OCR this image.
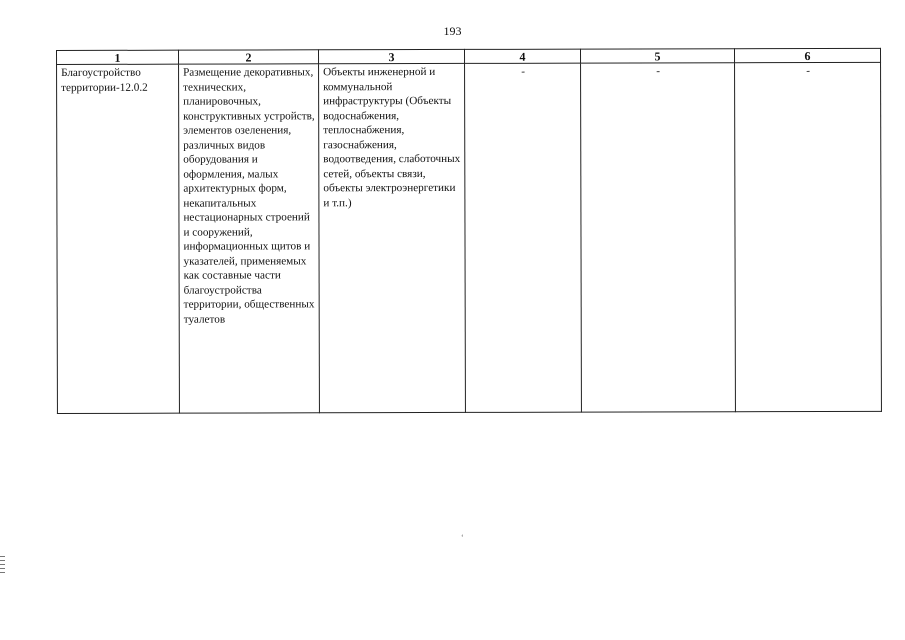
193
1	2	3	4	5	6
Благоустройство территории-12.0.2	Размещение декоративных, технических, планировочных, конструктивных устройств, элементов озеленения, различных видов оборудования и оформления, малых архитектурных форм, некапитальных нестационарных строений и сооружений, информационных щитов и указателей, применяемых как составные части благоустройства территории, общественных туалетов	Объекты инженерной и коммунальной инфраструктуры (Объекты водоснабжения, теплоснабжения, газоснабжения, водоотведения, слаботочных сетей, объекты связи, объекты электроэнергетики и т.п.)	-	-	-
‘
